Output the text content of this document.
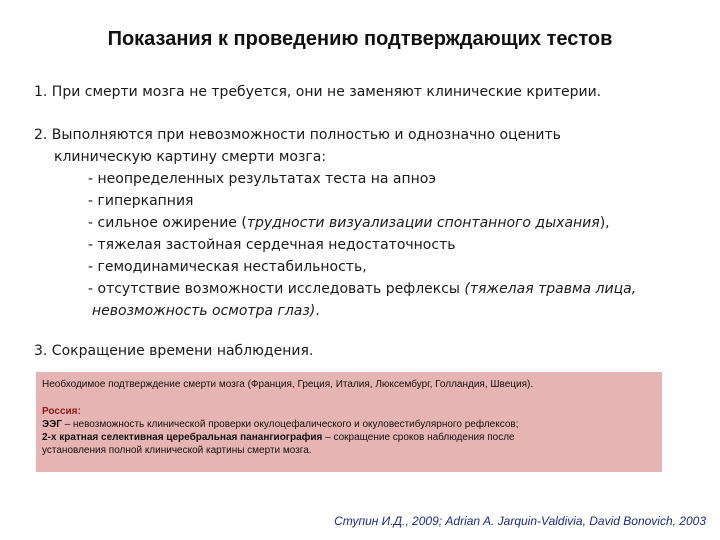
Показания к проведению подтверждающих тестов
1. При смерти мозга не требуется, они не заменяют клинические критерии.
2. Выполняются при невозможности полностью и однозначно оценить
клиническую картину смерти мозга:
- неопределенных результатах теста на апноэ
- гиперкапния
- сильное ожирение (трудности визуализации спонтанного дыхания),
- тяжелая застойная сердечная недостаточность
- гемодинамическая нестабильность,
- отсутствие возможности исследовать рефлексы (тяжелая травма лица,
невозможность осмотра глаз).
3. Сокращение времени наблюдения.
Необходимое подтверждение смерти мозга (Франция, Греция, Италия, Люксембург, Голландия, Швеция).
Россия:
ЭЭГ – невозможность клинической проверки окулоцефалического и окуловестибулярного рефлексов;
2-х кратная селективная церебральная панангиография – сокращение сроков наблюдения после
установления полной клинической картины смерти мозга.
Ступин И.Д., 2009; Adrian A. Jarquin-Valdivia, David Bonovich, 2003
